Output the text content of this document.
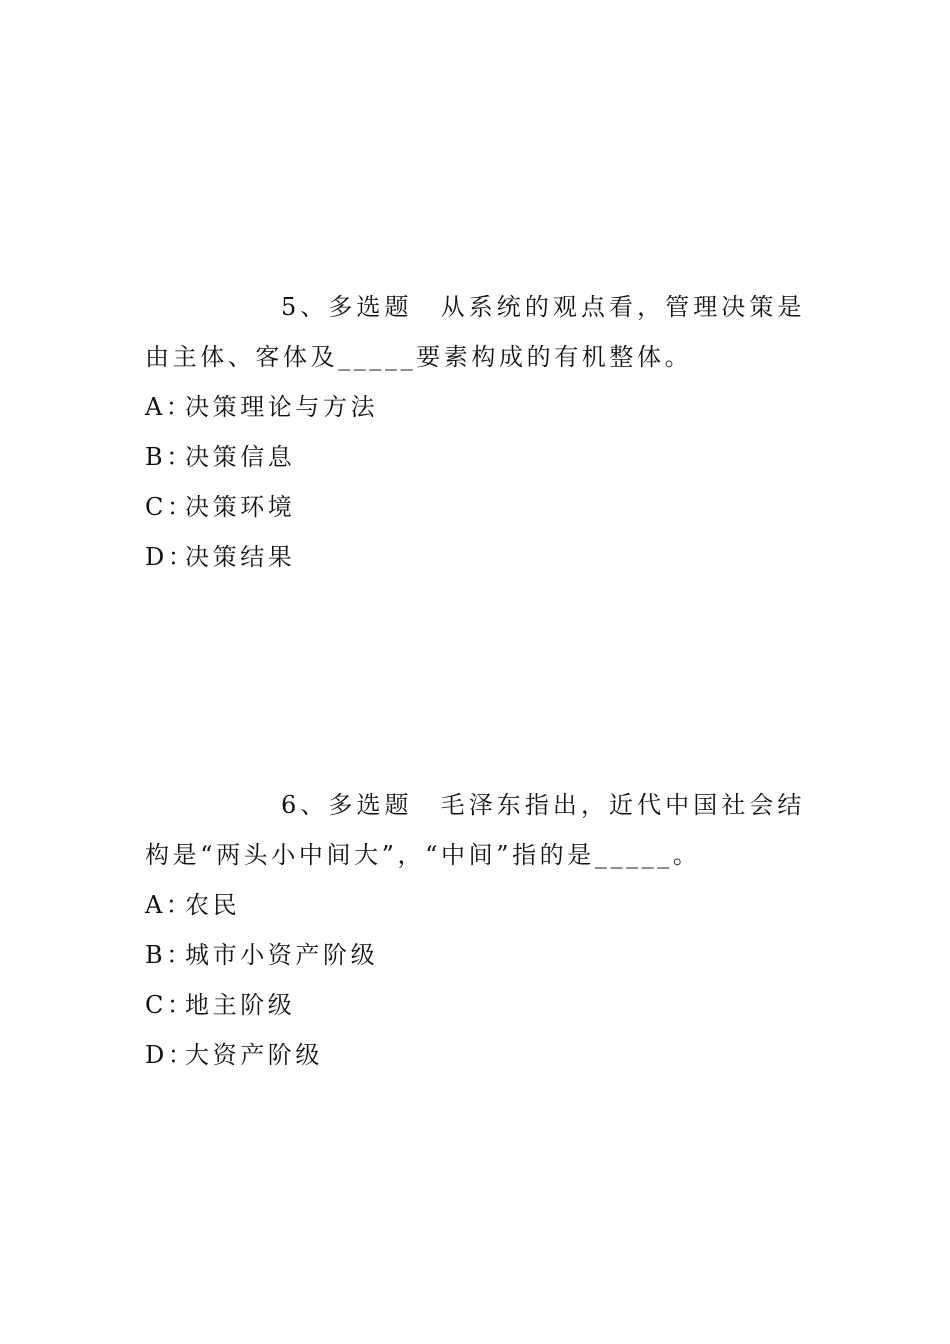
5、多选题　从系统的观点看，管理决策是由主体、客体及_____要素构成的有机整体。

A：决策理论与方法
B：决策信息
C：决策环境
D：决策结果

6、多选题　毛泽东指出，近代中国社会结构是“两头小中间大”，“中间”指的是_____。

A：农民
B：城市小资产阶级
C：地主阶级
D：大资产阶级
